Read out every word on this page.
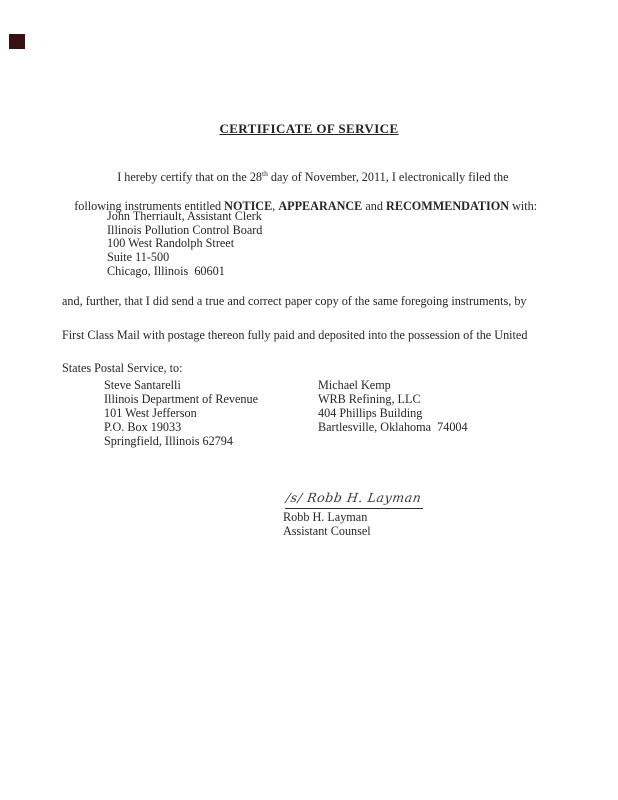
CERTIFICATE OF SERVICE

I hereby certify that on the 28th day of November, 2011, I electronically filed the

following instruments entitled NOTICE, APPEARANCE and RECOMMENDATION with:

John Therriault, Assistant Clerk
Illinois Pollution Control Board
100 West Randolph Street
Suite 11-500
Chicago, Illinois  60601
and, further, that I did send a true and correct paper copy of the same foregoing instruments, by
First Class Mail with postage thereon fully paid and deposited into the possession of the United
States Postal Service, to:
Steve Santarelli
Illinois Department of Revenue
101 West Jefferson
P.O. Box 19033
Springfield, Illinois 62794
Michael Kemp
WRB Refining, LLC
404 Phillips Building
Bartlesville, Oklahoma  74004
/s/ Robb H. Layman
Robb H. Layman
Assistant Counsel
